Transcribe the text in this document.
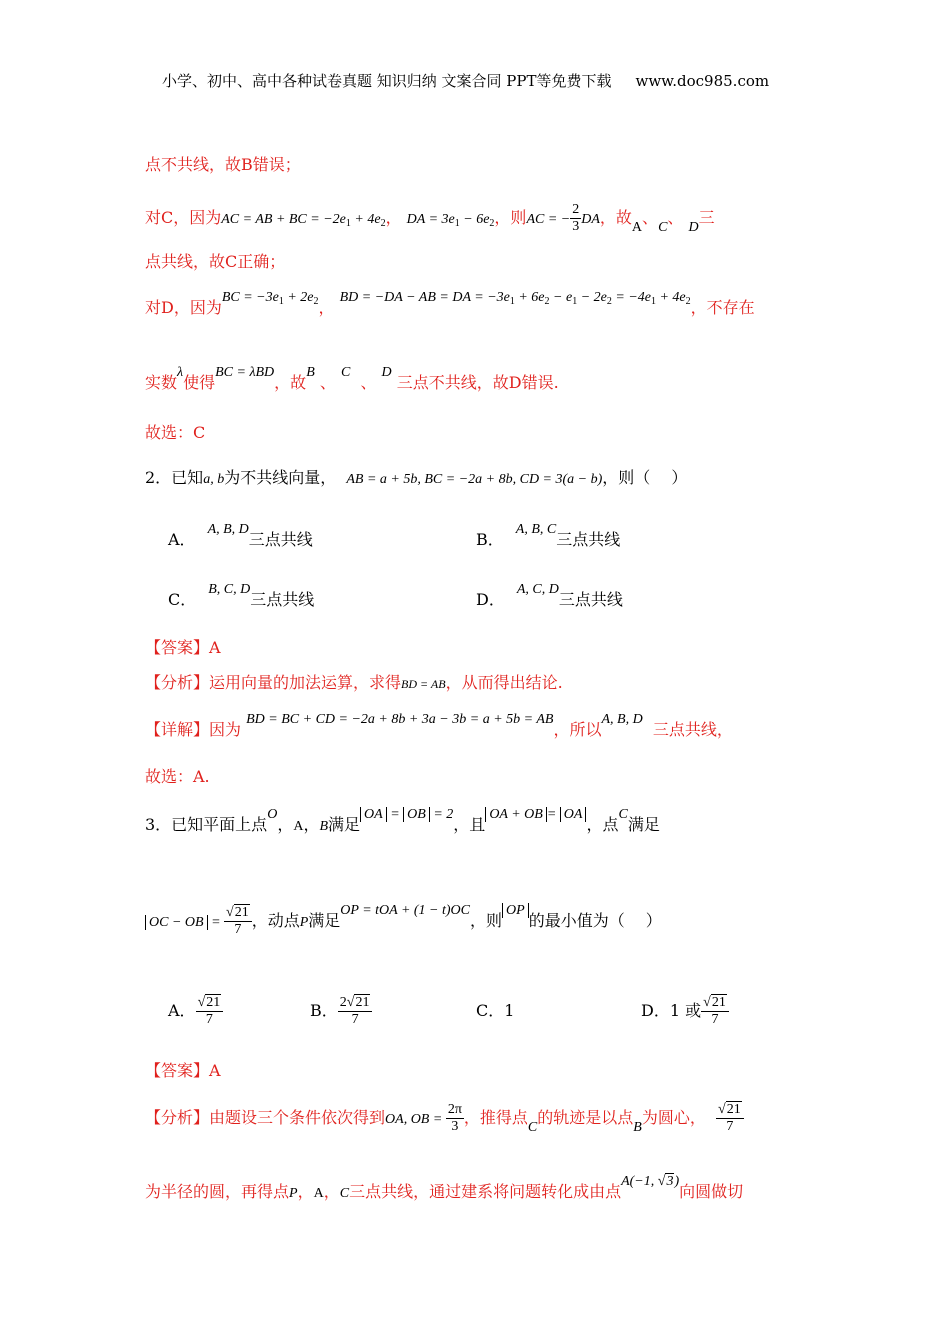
小学、初中、高中各种试卷真题 知识归纳 文案合同 PPT等免费下载 www.doc985.com
点不共线，故B错误；
对C，因为AC = AB + BC = $-2e_1 + 4e_2$， DA = $3e_1 - 6e_2$，则AC = − $\frac{2}{3}$ DA，故A、C、 D三
点共线，故C正确；
对D，因为BC = $-3e_1 + 2e_2$， BD = −DA − AB = DA = $-3e_1 + 6e_2 - e_1 - 2e_2 = -4e_1 + 4e_2$，不存在
实数λ使得BC = λBD，故B 、 C  、 D 三点不共线，故D错误.
故选：C
2．已知a, b为不共线向量， AB = a + 5b, BC = −2a + 8b, CD = 3(a − b)，则（　 ）
A．A, B, D三点共线	B．A, B, C三点共线
C．B, C, D三点共线	D．A, C, D三点共线
【答案】A
【分析】运用向量的加法运算，求得BD = AB，从而得出结论.
【详解】因为 BD = BC + CD = −2a + 8b + 3a − 3b = a + 5b = AB，所以A, B, D  三点共线，
故选：A.
3．已知平面上点O，A，B满足OA = OB = 2，且OA + OB = OA，点C满足
OC − OB = $\frac{√21}{7}$ ，动点P满足OP = tOA + (1 − t)OC，则OP的最小值为（　 ）
A． $\frac{√21}{7}$	B． $\frac{2√21}{7}$	C．1	D．1 或 $\frac{√21}{7}$
【答案】A
【分析】由题设三个条件依次得到OA, OB = $\frac{2\pi}{3}$ ，推得点C的轨迹是以点B为圆心， $\frac{√21}{7}$
为半径的圆，再得点P，A，C三点共线，通过建系将问题转化成由点A(−1, √3)向圆做切
